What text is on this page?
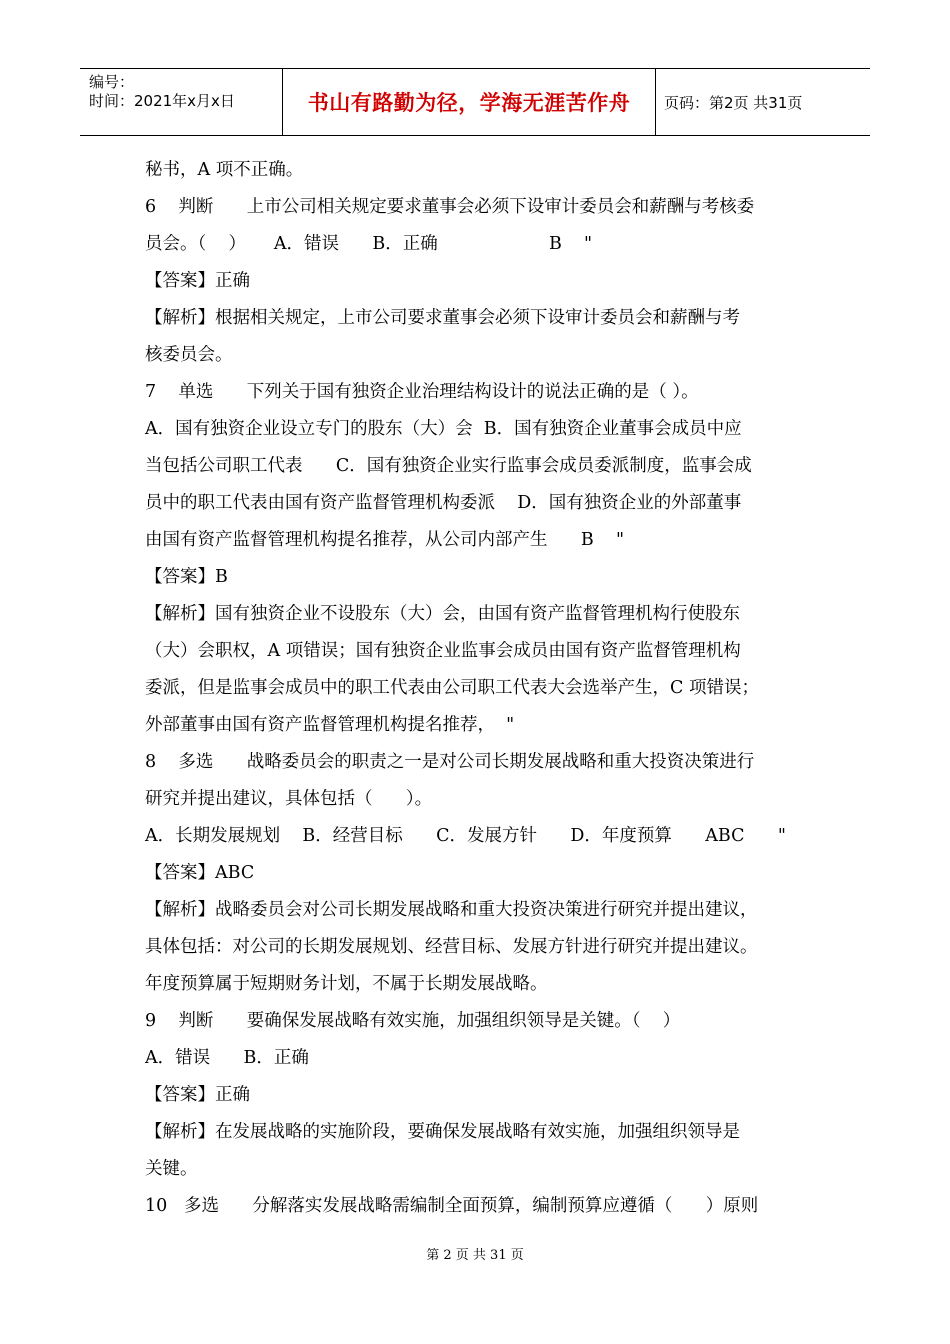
编号：
时间：2021年x月x日	书山有路勤为径，学海无涯苦作舟	页码：第2页 共31页
秘书，A 项不正确。
6    判断      上市公司相关规定要求董事会必须下设审计委员会和薪酬与考核委
员会。（    ）     A．错误      B．正确                    B    "
【答案】正确
【解析】根据相关规定，上市公司要求董事会必须下设审计委员会和薪酬与考
核委员会。
7    单选      下列关于国有独资企业治理结构设计的说法正确的是（ ）。
A．国有独资企业设立专门的股东（大）会  B．国有独资企业董事会成员中应
当包括公司职工代表      C．国有独资企业实行监事会成员委派制度，监事会成
员中的职工代表由国有资产监督管理机构委派    D．国有独资企业的外部董事
由国有资产监督管理机构提名推荐，从公司内部产生      B    "
【答案】B
【解析】国有独资企业不设股东（大）会，由国有资产监督管理机构行使股东
（大）会职权，A 项错误；国有独资企业监事会成员由国有资产监督管理机构
委派，但是监事会成员中的职工代表由公司职工代表大会选举产生，C 项错误；
外部董事由国有资产监督管理机构提名推荐，  "
8    多选      战略委员会的职责之一是对公司长期发展战略和重大投资决策进行
研究并提出建议，具体包括（      ）。
A．长期发展规划    B．经营目标      C．发展方针      D．年度预算      ABC      "
【答案】ABC
【解析】战略委员会对公司长期发展战略和重大投资决策进行研究并提出建议，
具体包括：对公司的长期发展规划、经营目标、发展方针进行研究并提出建议。
年度预算属于短期财务计划，不属于长期发展战略。
9    判断      要确保发展战略有效实施，加强组织领导是关键。（    ）
A．错误      B．正确
【答案】正确
【解析】在发展战略的实施阶段，要确保发展战略有效实施，加强组织领导是
关键。
10   多选      分解落实发展战略需编制全面预算，编制预算应遵循（      ）原则
第 2 页 共 31 页
